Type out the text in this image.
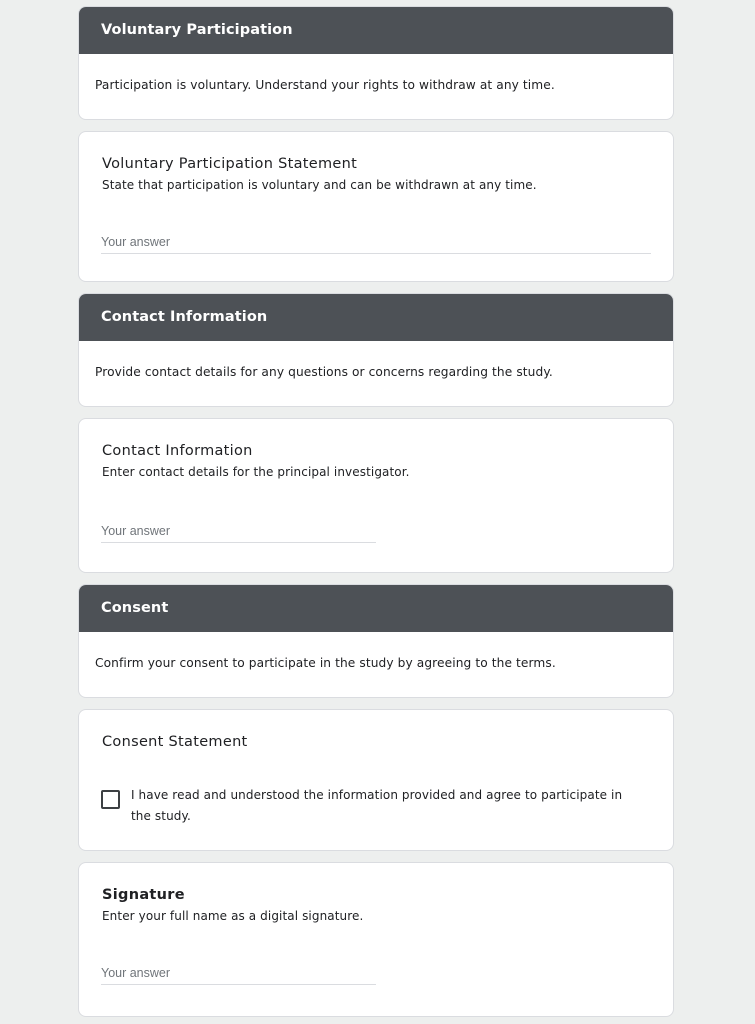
Voluntary Participation
Participation is voluntary. Understand your rights to withdraw at any time.
Voluntary Participation Statement
State that participation is voluntary and can be withdrawn at any time.
Your answer
Contact Information
Provide contact details for any questions or concerns regarding the study.
Contact Information
Enter contact details for the principal investigator.
Your answer
Consent
Confirm your consent to participate in the study by agreeing to the terms.
Consent Statement
I have read and understood the information provided and agree to participate in the study.
Signature
Enter your full name as a digital signature.
Your answer
